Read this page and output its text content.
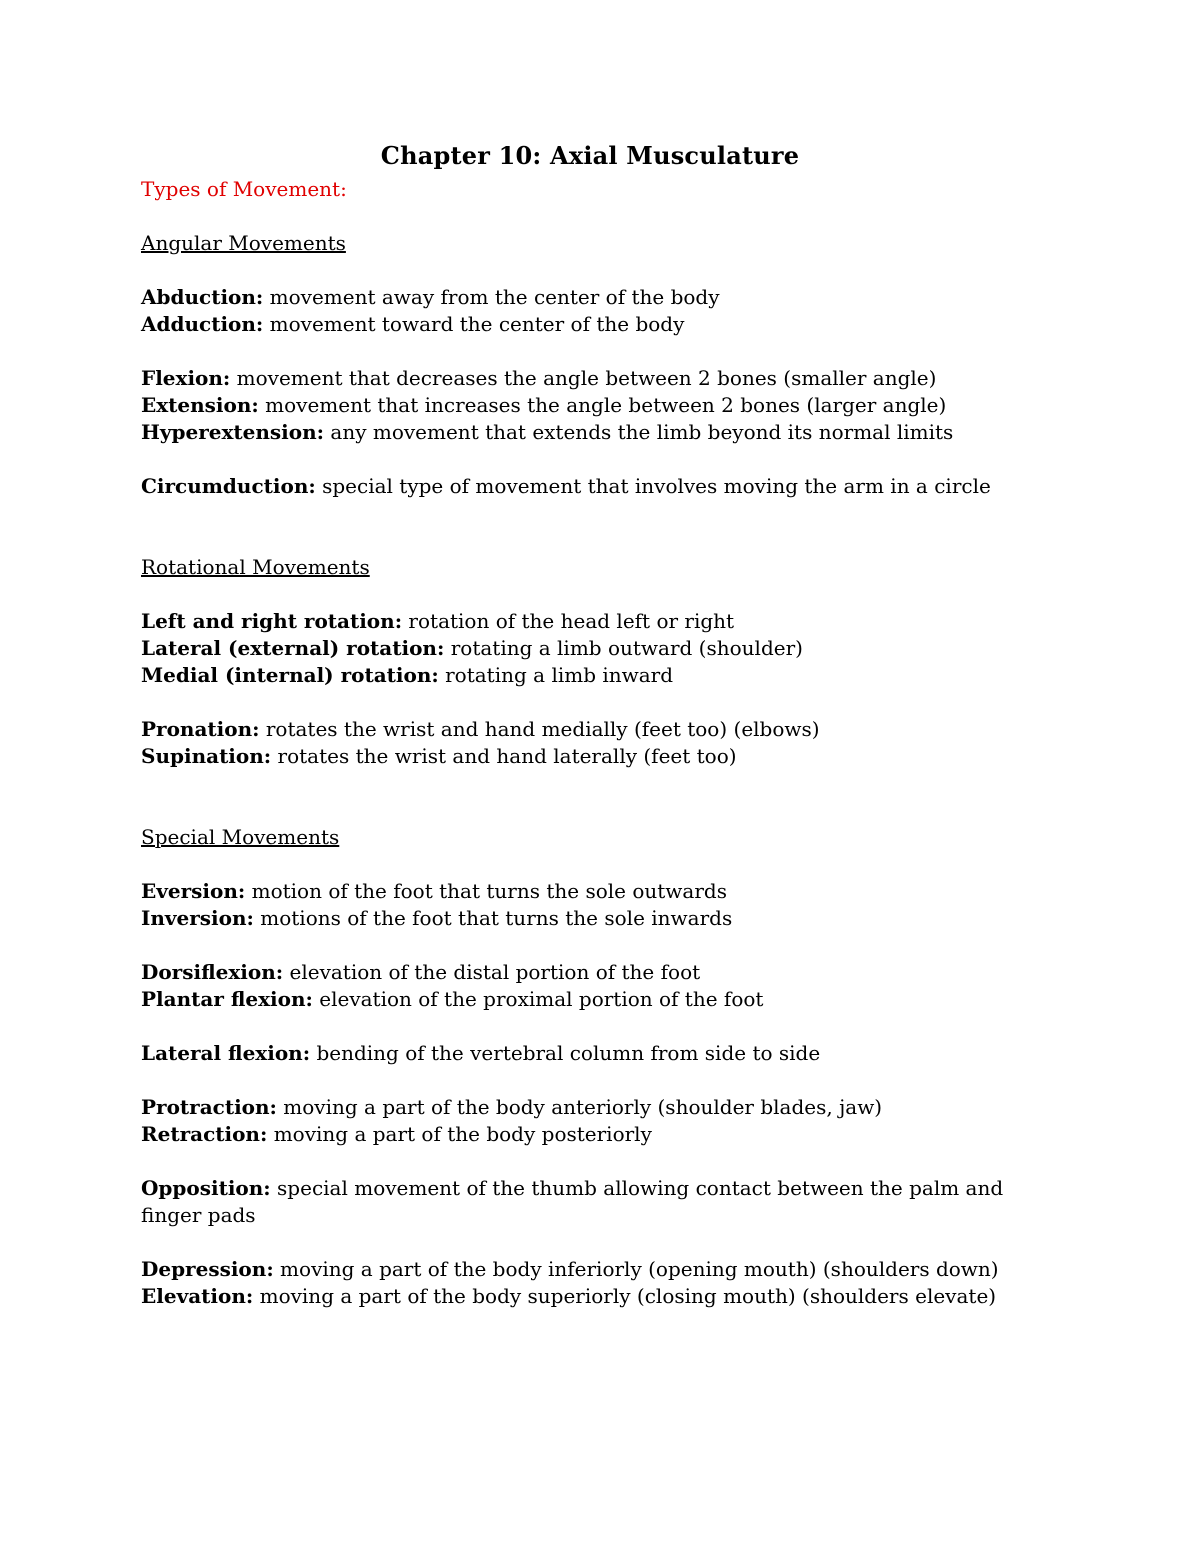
Chapter 10: Axial Musculature
Types of Movement:
Angular Movements
Abduction: movement away from the center of the body
Adduction: movement toward the center of the body
Flexion: movement that decreases the angle between 2 bones (smaller angle)
Extension: movement that increases the angle between 2 bones (larger angle)
Hyperextension: any movement that extends the limb beyond its normal limits
Circumduction: special type of movement that involves moving the arm in a circle
Rotational Movements
Left and right rotation: rotation of the head left or right
Lateral (external) rotation: rotating a limb outward (shoulder)
Medial (internal) rotation: rotating a limb inward
Pronation: rotates the wrist and hand medially (feet too) (elbows)
Supination: rotates the wrist and hand laterally (feet too)
Special Movements
Eversion: motion of the foot that turns the sole outwards
Inversion: motions of the foot that turns the sole inwards
Dorsiflexion: elevation of the distal portion of the foot
Plantar flexion: elevation of the proximal portion of the foot
Lateral flexion: bending of the vertebral column from side to side
Protraction: moving a part of the body anteriorly (shoulder blades, jaw)
Retraction: moving a part of the body posteriorly
Opposition: special movement of the thumb allowing contact between the palm and finger pads
Depression: moving a part of the body inferiorly (opening mouth) (shoulders down)
Elevation: moving a part of the body superiorly (closing mouth) (shoulders elevate)
